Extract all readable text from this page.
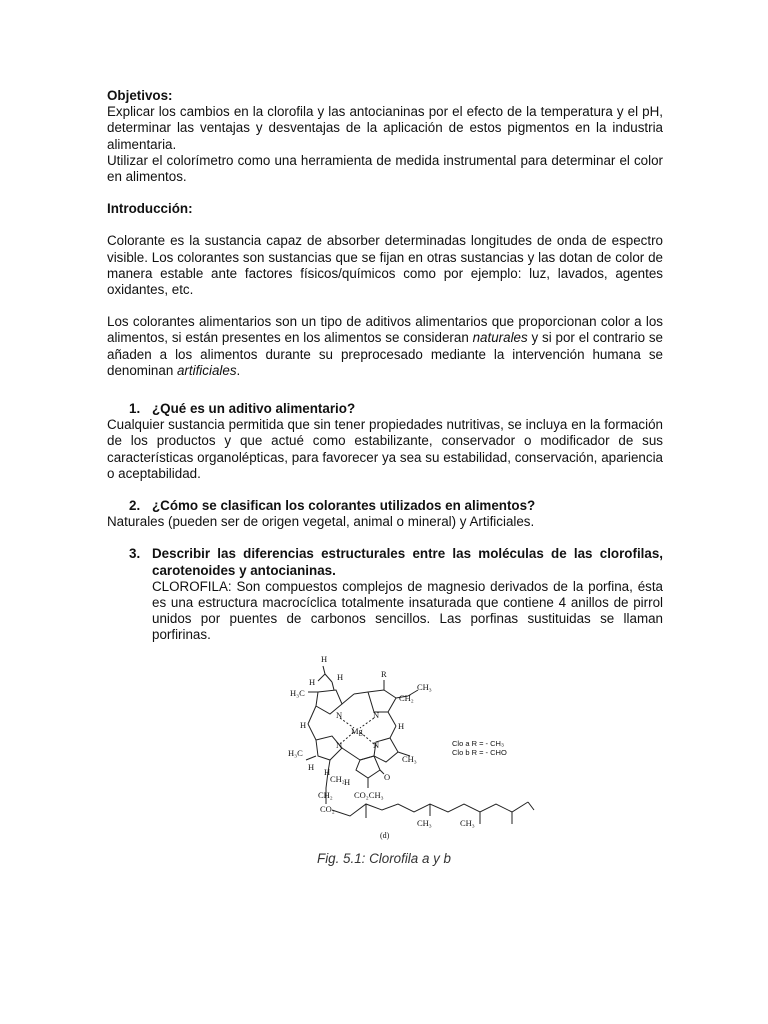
Objetivos:

Explicar los cambios en la clorofila y las antocianinas por el efecto de la temperatura y el pH, determinar las ventajas y desventajas de la aplicación de estos pigmentos en la industria alimentaria.

Utilizar el colorímetro como una herramienta de medida instrumental para determinar el color en alimentos.

Introducción:

Colorante es la sustancia capaz de absorber determinadas longitudes de onda de espectro visible. Los colorantes son sustancias que se fijan en otras sustancias y las dotan de color de manera estable ante factores físicos/químicos como por ejemplo: luz, lavados, agentes oxidantes, etc.

Los colorantes alimentarios son un tipo de aditivos alimentarios que proporcionan color a los alimentos, si están presentes en los alimentos se consideran naturales y si por el contrario se añaden a los alimentos durante su preprocesado mediante la intervención humana se denominan artificiales.

1. ¿Qué es un aditivo alimentario?

Cualquier sustancia permitida que sin tener propiedades nutritivas, se incluya en la formación de los productos y que actué como estabilizante, conservador o modificador de sus características organolépticas, para favorecer ya sea su estabilidad, conservación, apariencia o aceptabilidad.

2. ¿Cómo se clasifican los colorantes utilizados en alimentos?

Naturales (pueden ser de origen vegetal, animal o mineral) y Artificiales.

3. Describir las diferencias estructurales entre las moléculas de las clorofilas, carotenoides y antocianinas.

CLOROFILA: Son compuestos complejos de magnesio derivados de la porfina, ésta es una estructura macrocíclica totalmente insaturada que contiene 4 anillos de pirrol unidos por puentes de carbonos sencillos. Las porfinas sustituidas se llaman porfirinas.

H
H	H	R
CH₃
CH₂
H₃C
N	N
N	N
Mg
H	H
H₃C
CH₃
H H
CH₂ H	O
CH₂ CO₂CH₃
CO₂
CH₃	CH₃
(d)
Clo a R = - CH₃
Clo b R = - CHO
Fig. 5.1: Clorofila a y b
